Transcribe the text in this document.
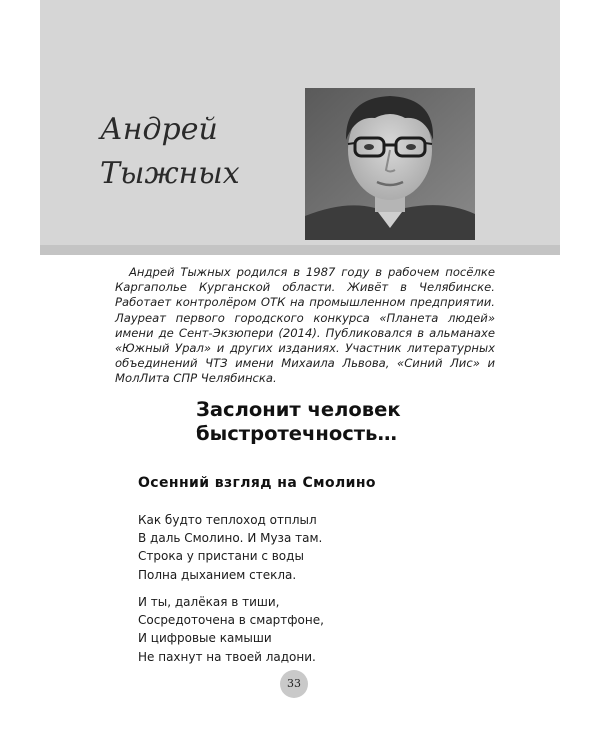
Андрей
Тыжных

Андрей Тыжных родился в 1987 году в рабочем посёлке Каргаполье Курганской области. Живёт в Челябинске. Работает контролёром ОТК на промышленном предприятии. Лауреат первого городского конкурса «Планета людей» имени де Сент-Экзюпери (2014). Публиковался в альманахе «Южный Урал» и других изданиях. Участник литературных объединений ЧТЗ имени Михаила Львова, «Синий Лис» и МолЛита СПР Челябинска.

Заслонит человек
быстротечность…
Осенний взгляд на Смолино
Как будто теплоход отплыл
В даль Смолино. И Муза там.
Строка у пристани с воды
Полна дыханием стекла.
И ты, далёкая в тиши,
Сосредоточена в смартфоне,
И цифровые камыши
Не пахнут на твоей ладони.
33
